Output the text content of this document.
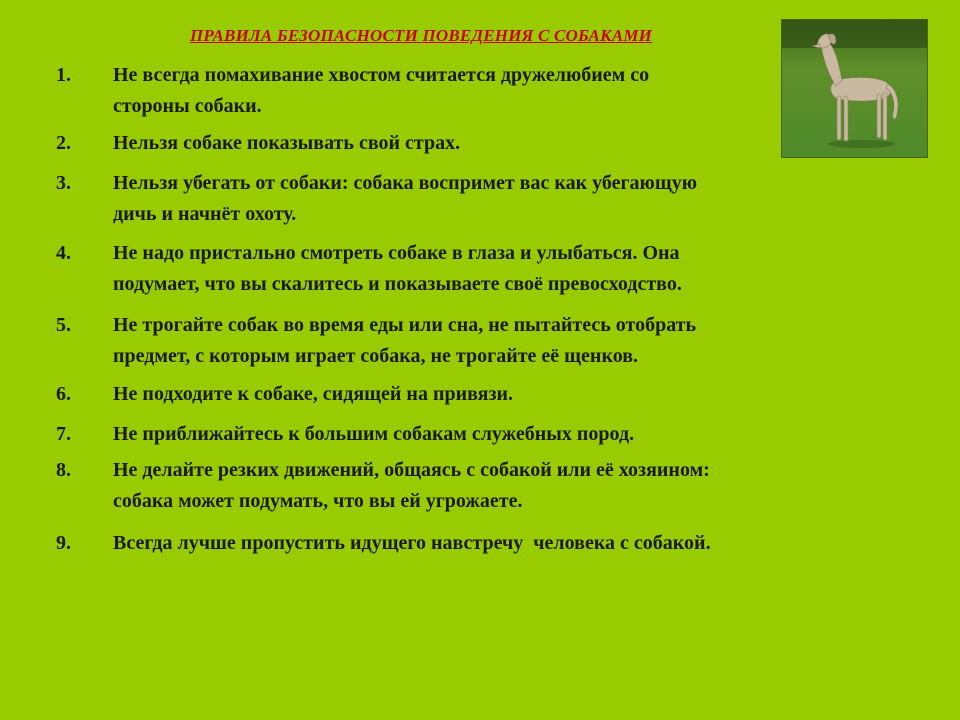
ПРАВИЛА БЕЗОПАСНОСТИ ПОВЕДЕНИЯ С СОБАКАМИ
1.	Не всегда помахивание хвостом считается дружелюбием со
стороны собаки.
2.	Нельзя собаке показывать свой страх.
3.	Нельзя убегать от собаки: собака воспримет вас как убегающую
дичь и начнёт охоту.
4.	Не надо пристально смотреть собаке в глаза и улыбаться. Она
подумает, что вы скалитесь и показываете своё превосходство.
5.	Не трогайте собак во время еды или сна, не пытайтесь отобрать
предмет, с которым играет собака, не трогайте её щенков.
6.	Не подходите к собаке, сидящей на привязи.
7.	Не приближайтесь к большим собакам служебных пород.
8.	Не делайте резких движений, общаясь с собакой или её хозяином:
собака может подумать, что вы ей угрожаете.
9.	Всегда лучше пропустить идущего навстречу  человека с собакой.
